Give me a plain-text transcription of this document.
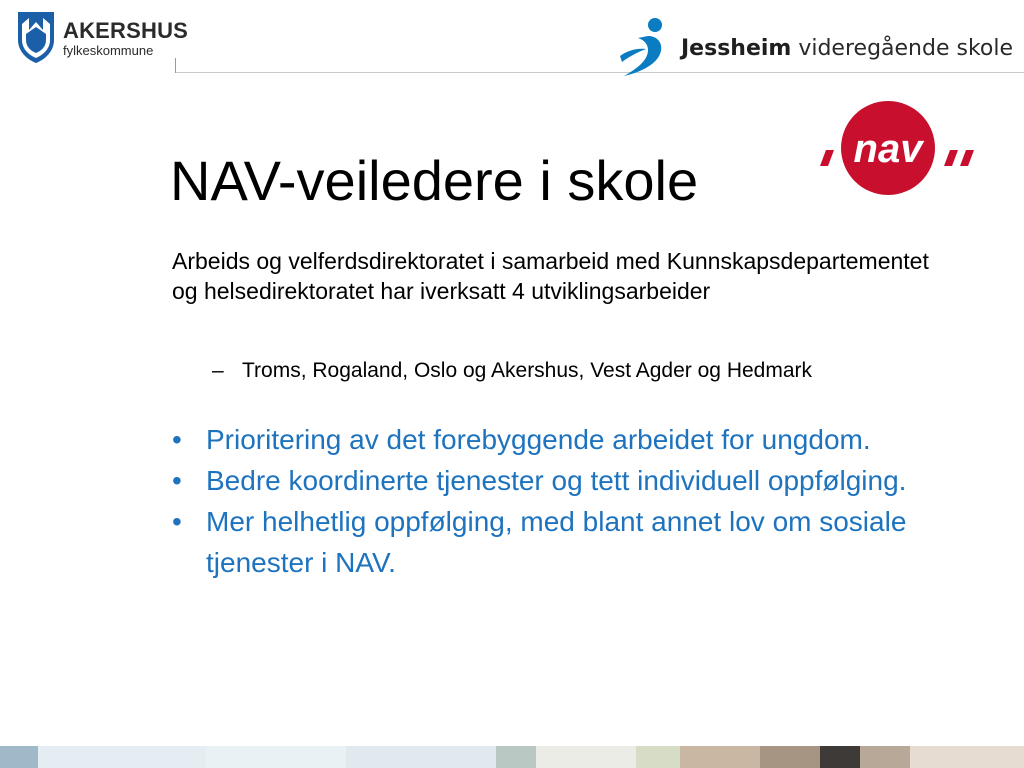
AKERSHUS
fylkeskommune	Jessheim videregående skole
nav
NAV-veiledere i skole

Arbeids og velferdsdirektoratet i samarbeid med Kunnskapsdepartementet og helsedirektoratet har iverksatt 4 utviklingsarbeider

– Troms, Rogaland, Oslo og Akershus, Vest Agder og Hedmark
• Prioritering av det forebyggende arbeidet for ungdom.
• Bedre koordinerte tjenester og tett individuell oppfølging.
• Mer helhetlig oppfølging, med blant annet lov om sosiale tjenester i NAV.
